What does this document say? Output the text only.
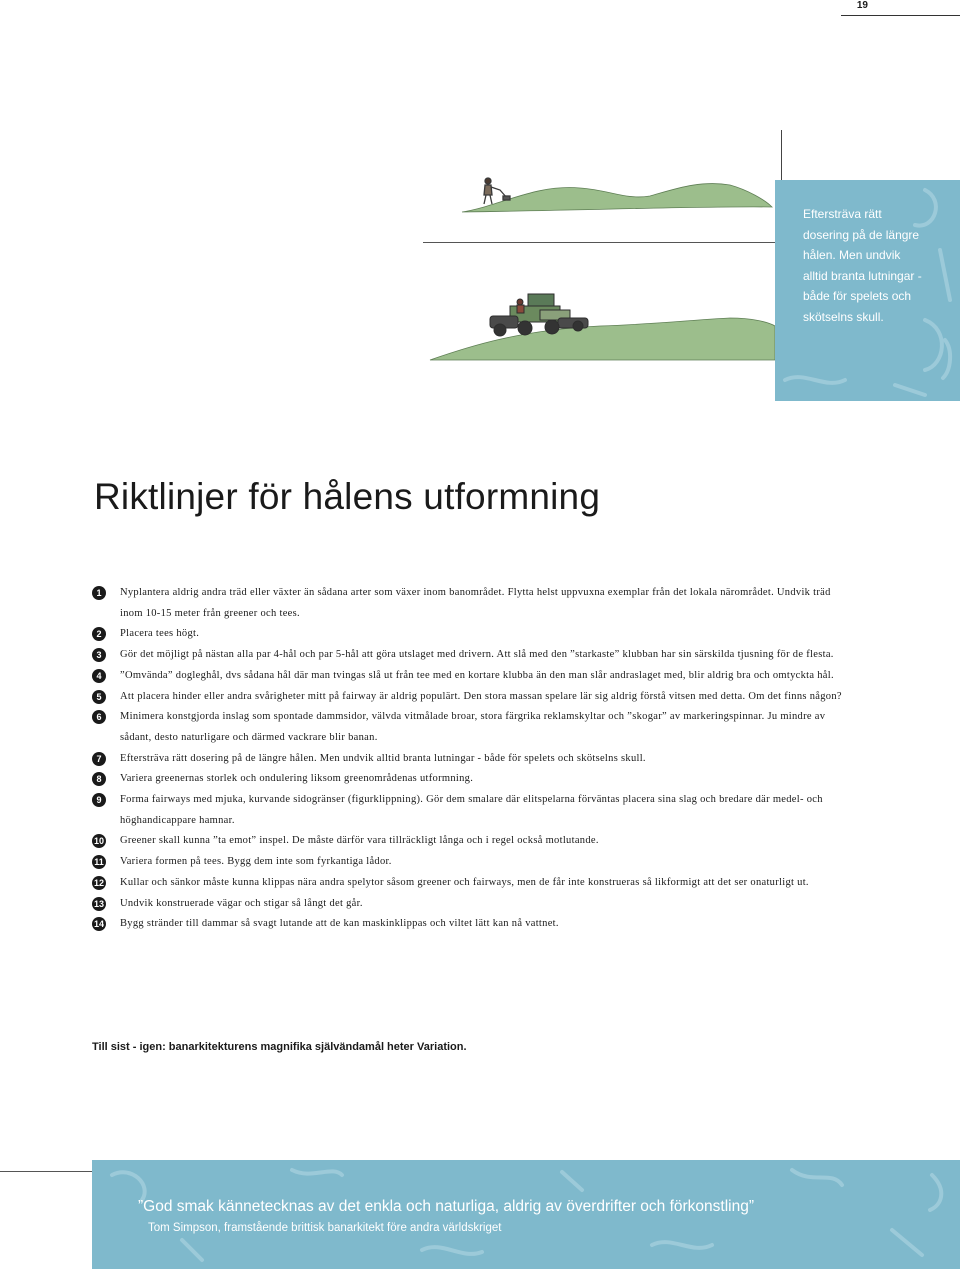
19
Eftersträva rätt dosering på de längre hålen. Men undvik alltid branta lutningar - både för spelets och skötselns skull.
Riktlinjer för hålens utformning
1	Nyplantera aldrig andra träd eller växter än sådana arter som växer inom banområdet. Flytta helst uppvuxna exemplar från det lokala närområdet. Undvik träd inom 10-15 meter från greener och tees.
2	Placera tees högt.
3	Gör det möjligt på nästan alla par 4-hål och par 5-hål att göra utslaget med drivern. Att slå med den ”starkaste” klubban har sin särskilda tjusning för de flesta.
4	”Omvända” dogleghål, dvs sådana hål där man tvingas slå ut från tee med en kortare klubba än den man slår andraslaget med, blir aldrig bra och omtyckta hål.
5	Att placera hinder eller andra svårigheter mitt på fairway är aldrig populärt. Den stora massan spelare lär sig aldrig förstå vitsen med detta. Om det finns någon?
6	Minimera konstgjorda inslag som spontade dammsidor, välvda vitmålade broar, stora färgrika reklamskyltar och ”skogar” av markeringspinnar. Ju mindre av sådant, desto naturligare och därmed vackrare blir banan.
7	Eftersträva rätt dosering på de längre hålen. Men undvik alltid branta lutningar - både för spelets och skötselns skull.
8	Variera greenernas storlek och ondulering liksom greenområdenas utformning.
9	Forma fairways med mjuka, kurvande sidogränser (figurklippning). Gör dem smalare där elitspelarna förväntas placera sina slag och bredare där medel- och höghandicappare hamnar.
10 Greener skall kunna ”ta emot” inspel. De måste därför vara tillräckligt långa och i regel också motlutande.
11 Variera formen på tees. Bygg dem inte som fyrkantiga lådor.
12 Kullar och sänkor måste kunna klippas nära andra spelytor såsom greener och fairways, men de får inte konstrueras så likformigt att det ser onaturligt ut.
13 Undvik konstruerade vägar och stigar så långt det går.
14 Bygg stränder till dammar så svagt lutande att de kan maskinklippas och viltet lätt kan nå vattnet.
Till sist - igen: banarkitekturens magnifika självändamål heter Variation.
”God smak kännetecknas av det enkla och naturliga, aldrig av överdrifter och förkonstling”
Tom Simpson, framstående brittisk banarkitekt före andra världskriget
